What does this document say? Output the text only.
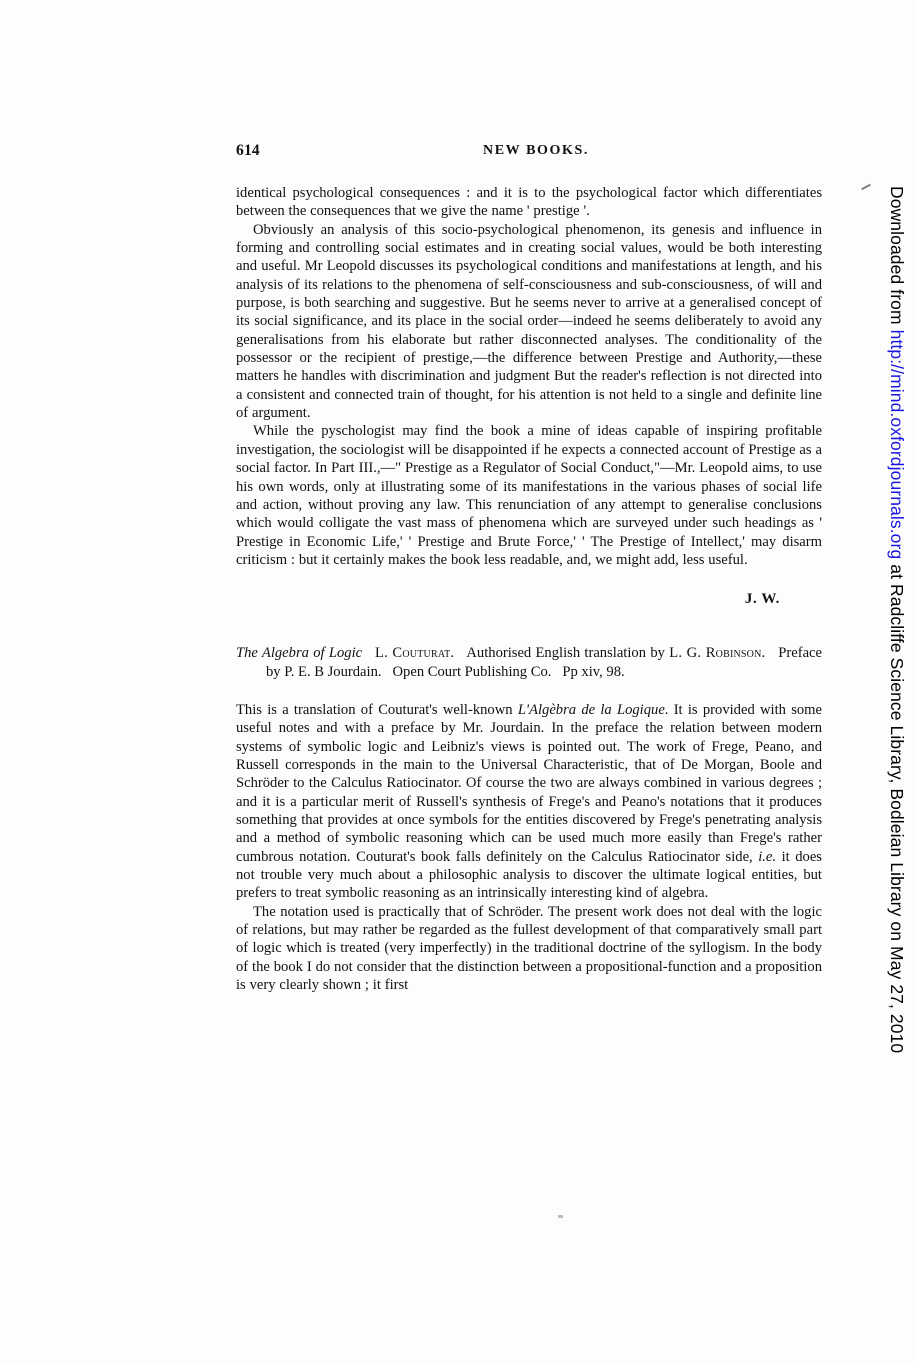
614	NEW BOOKS.

identical psychological consequences : and it is to the psychological factor which differentiates between the consequences that we give the name ' prestige '.

Obviously an analysis of this socio-psychological phenomenon, its genesis and influence in forming and controlling social estimates and in creating social values, would be both interesting and useful. Mr Leopold discusses its psychological conditions and manifestations at length, and his analysis of its relations to the phenomena of self-consciousness and sub-consciousness, of will and purpose, is both searching and suggestive. But he seems never to arrive at a generalised concept of its social significance, and its place in the social order—indeed he seems deliberately to avoid any generalisations from his elaborate but rather disconnected analyses. The conditionality of the possessor or the recipient of prestige,—the difference between Prestige and Authority,—these matters he handles with discrimination and judgment But the reader's reflection is not directed into a consistent and connected train of thought, for his attention is not held to a single and definite line of argument.

While the pyschologist may find the book a mine of ideas capable of inspiring profitable investigation, the sociologist will be disappointed if he expects a connected account of Prestige as a social factor. In Part III.,—" Prestige as a Regulator of Social Conduct,"—Mr. Leopold aims, to use his own words, only at illustrating some of its manifestations in the various phases of social life and action, without proving any law. This renunciation of any attempt to generalise conclusions which would colligate the vast mass of phenomena which are surveyed under such headings as ' Prestige in Economic Life,' ' Prestige and Brute Force,' ' The Prestige of Intellect,' may disarm criticism : but it certainly makes the book less readable, and, we might add, less useful.

J. W.

The Algebra of Logic L. Couturat. Authorised English translation by L. G. Robinson. Preface by P. E. B Jourdain. Open Court Publishing Co. Pp xiv, 98.

This is a translation of Couturat's well-known L'Algèbra de la Logique. It is provided with some useful notes and with a preface by Mr. Jourdain. In the preface the relation between modern systems of symbolic logic and Leibniz's views is pointed out. The work of Frege, Peano, and Russell corresponds in the main to the Universal Characteristic, that of De Morgan, Boole and Schröder to the Calculus Ratiocinator. Of course the two are always combined in various degrees ; and it is a particular merit of Russell's synthesis of Frege's and Peano's notations that it produces something that provides at once symbols for the entities discovered by Frege's penetrating analysis and a method of symbolic reasoning which can be used much more easily than Frege's rather cumbrous notation. Couturat's book falls definitely on the Calculus Ratiocinator side, i.e. it does not trouble very much about a philosophic analysis to discover the ultimate logical entities, but prefers to treat symbolic reasoning as an intrinsically interesting kind of algebra.

The notation used is practically that of Schröder. The present work does not deal with the logic of relations, but may rather be regarded as the fullest development of that comparatively small part of logic which is treated (very imperfectly) in the traditional doctrine of the syllogism. In the body of the book I do not consider that the distinction between a propositional-function and a proposition is very clearly shown ; it first

Downloaded from http://mind.oxfordjournals.org at Radcliffe Science Library, Bodleian Library on May 27, 2010
